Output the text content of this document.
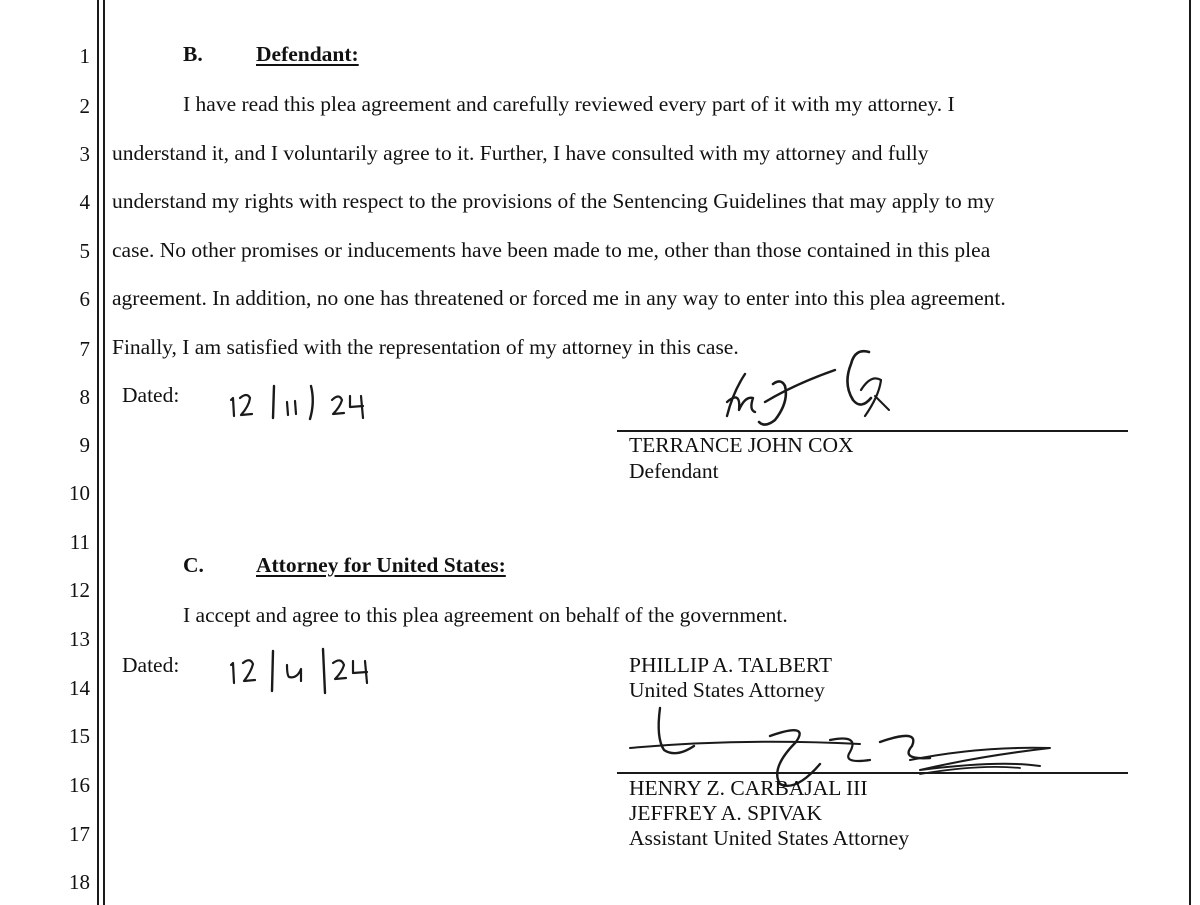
1
2
3
4
5
6
7
8
9
10
11
12
13
14
15
16
17
18
B. Defendant:
I have read this plea agreement and carefully reviewed every part of it with my attorney. I
understand it, and I voluntarily agree to it. Further, I have consulted with my attorney and fully
understand my rights with respect to the provisions of the Sentencing Guidelines that may apply to my
case. No other promises or inducements have been made to me, other than those contained in this plea
agreement. In addition, no one has threatened or forced me in any way to enter into this plea agreement.
Finally, I am satisfied with the representation of my attorney in this case.
Dated:
TERRANCE JOHN COX
Defendant
C. Attorney for United States:
I accept and agree to this plea agreement on behalf of the government.
Dated:	PHILLIP A. TALBERT
United States Attorney
HENRY Z. CARBAJAL III
JEFFREY A. SPIVAK
Assistant United States Attorney
